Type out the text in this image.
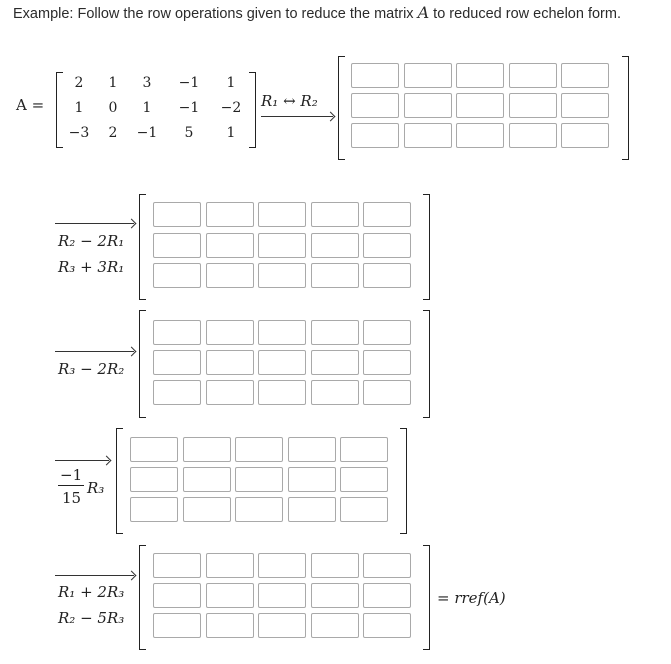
Example: Follow the row operations given to reduce the matrix A to reduced row echelon form.
A =
2	1	3	−1	1
1	0	1	−1	−2
−3	2	−1	5	1
R₁ ↔ R₂
R₂ − 2R₁
R₃ + 3R₁
R₃ − 2R₂
−1
15
R₃
R₁ + 2R₃
R₂ − 5R₃
= rref(A)
